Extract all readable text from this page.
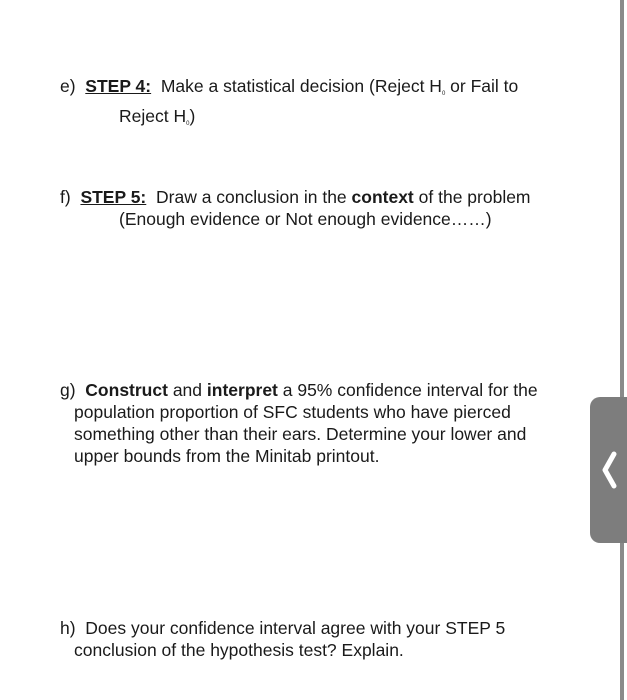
e) STEP 4: Make a statistical decision (Reject $H_0$ or Fail to
Reject $H_0$)
f) STEP 5: Draw a conclusion in the context of the problem
(Enough evidence or Not enough evidence……)
g) Construct and interpret a 95% confidence interval for the
population proportion of SFC students who have pierced
something other than their ears. Determine your lower and
upper bounds from the Minitab printout.
h) Does your confidence interval agree with your STEP 5
conclusion of the hypothesis test? Explain.
